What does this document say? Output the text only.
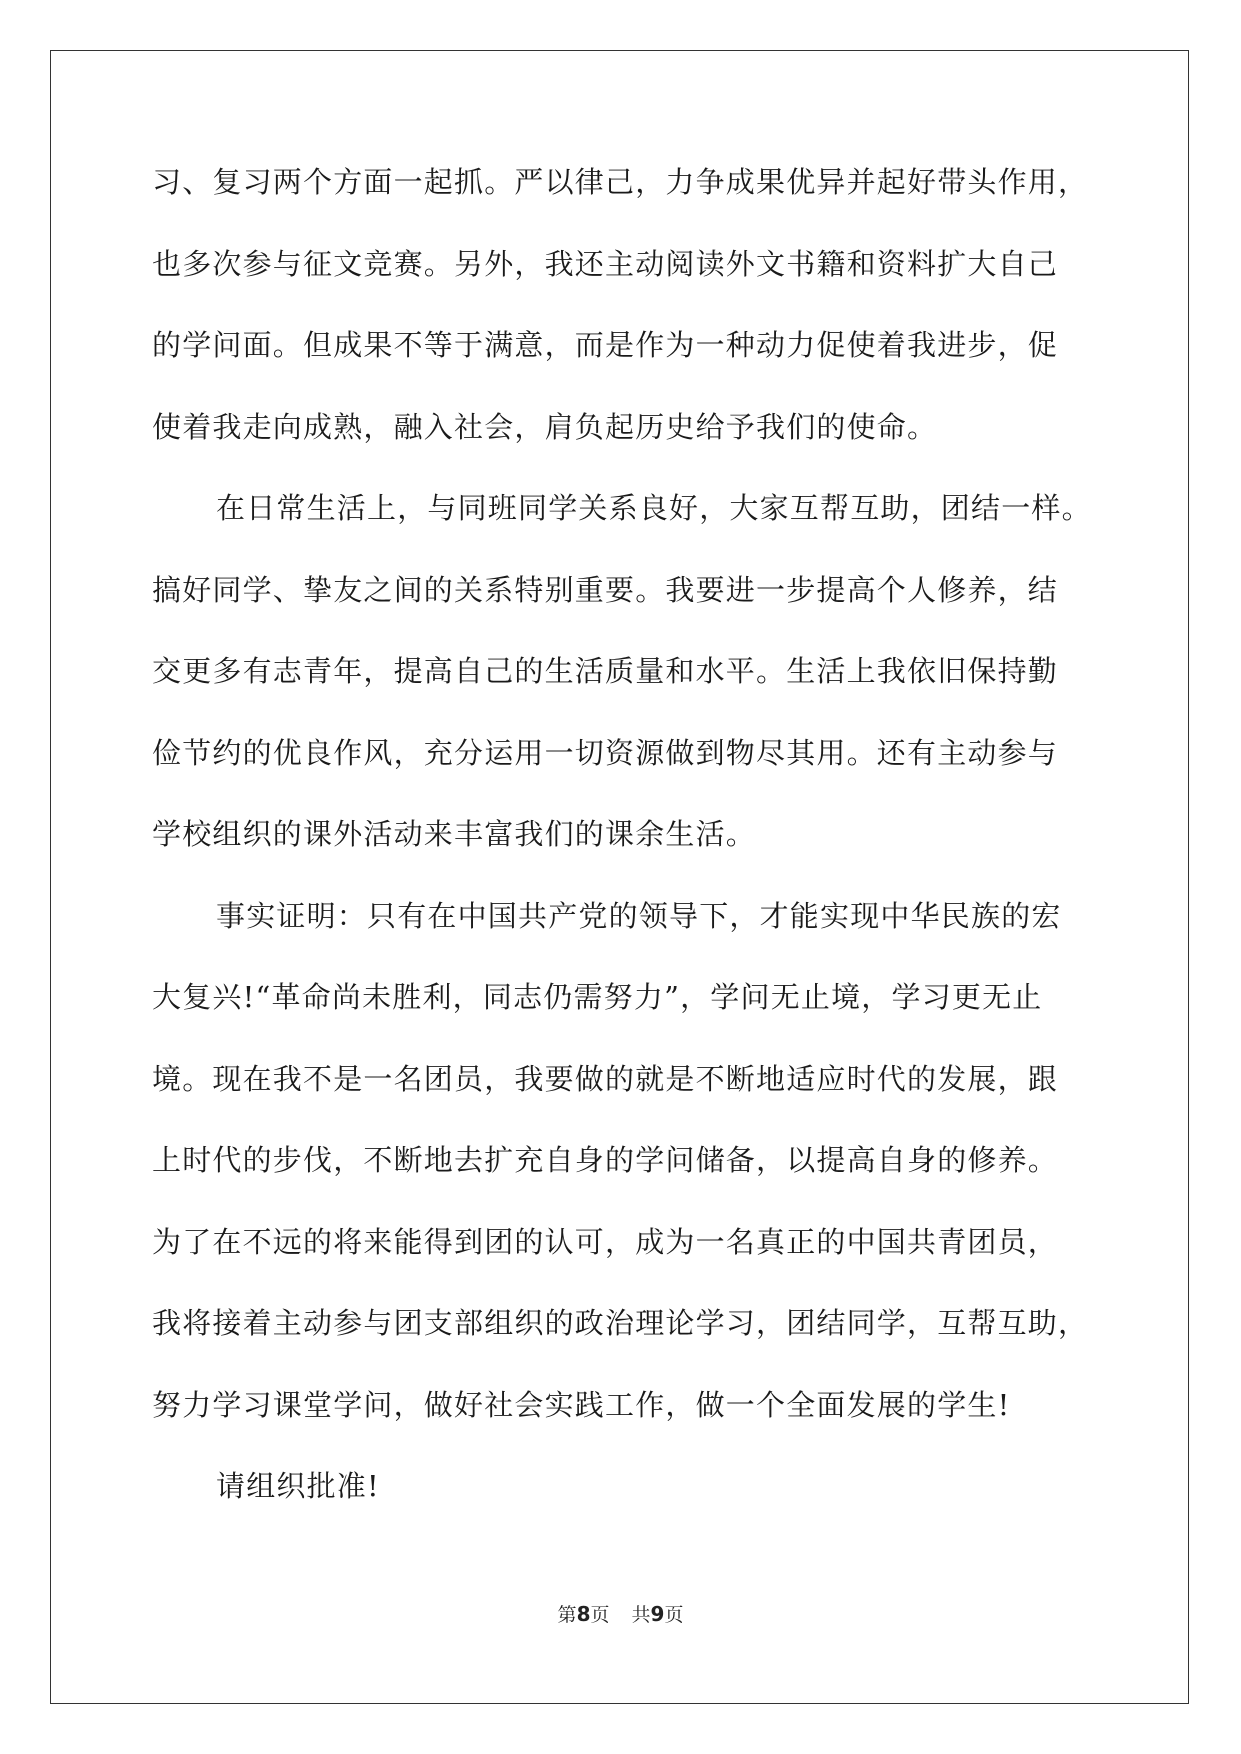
习、复习两个方面一起抓。严以律己，力争成果优异并起好带头作用，
也多次参与征文竞赛。另外，我还主动阅读外文书籍和资料扩大自己
的学问面。但成果不等于满意，而是作为一种动力促使着我进步，促
使着我走向成熟，融入社会，肩负起历史给予我们的使命。
在日常生活上，与同班同学关系良好，大家互帮互助，团结一样。
搞好同学、挚友之间的关系特别重要。我要进一步提高个人修养，结
交更多有志青年，提高自己的生活质量和水平。生活上我依旧保持勤
俭节约的优良作风，充分运用一切资源做到物尽其用。还有主动参与
学校组织的课外活动来丰富我们的课余生活。
事实证明：只有在中国共产党的领导下，才能实现中华民族的宏
大复兴!“革命尚未胜利，同志仍需努力”，学问无止境，学习更无止
境。现在我不是一名团员，我要做的就是不断地适应时代的发展，跟
上时代的步伐，不断地去扩充自身的学问储备，以提高自身的修养。
为了在不远的将来能得到团的认可，成为一名真正的中国共青团员，
我将接着主动参与团支部组织的政治理论学习，团结同学，互帮互助，
努力学习课堂学问，做好社会实践工作，做一个全面发展的学生!
请组织批准!
第8页 共9页
